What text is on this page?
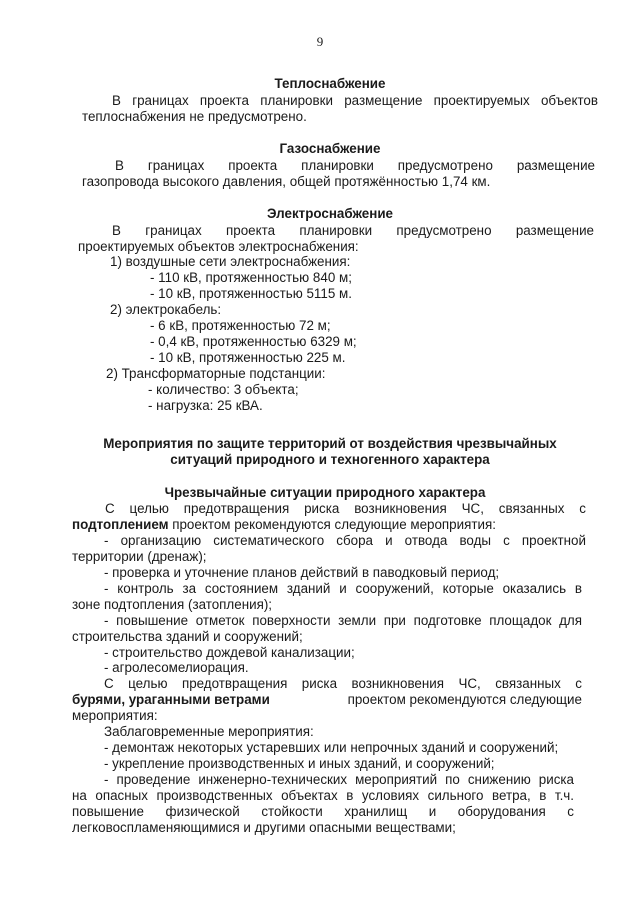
9
Теплоснабжение
В границах проекта планировки размещение проектируемых объектов
теплоснабжения не предусмотрено.
Газоснабжение
В границах проекта планировки предусмотрено размещение
газопровода высокого давления, общей протяжённостью 1,74 км.
Электроснабжение
В границах проекта планировки предусмотрено размещение
проектируемых объектов электроснабжения:
1) воздушные сети электроснабжения:
- 110 кВ, протяженностью 840 м;
- 10 кВ, протяженностью 5115 м.
2) электрокабель:
- 6 кВ, протяженностью 72 м;
- 0,4 кВ, протяженностью 6329 м;
- 10 кВ, протяженностью 225 м.
2) Трансформаторные подстанции:
- количество: 3 объекта;
- нагрузка: 25 кВА.
Мероприятия по защите территорий от воздействия чрезвычайных
ситуаций природного и техногенного характера
Чрезвычайные ситуации природного характера
С целью предотвращения риска возникновения ЧС, связанных с
подтоплением проектом рекомендуются следующие мероприятия:
- организацию систематического сбора и отвода воды с проектной
территории (дренаж);
- проверка и уточнение планов действий в паводковый период;
- контроль за состоянием зданий и сооружений, которые оказались в
зоне подтопления (затопления);
- повышение отметок поверхности земли при подготовке площадок для
строительства зданий и сооружений;
- строительство дождевой канализации;
- агролесомелиорация.
С целью предотвращения риска возникновения ЧС, связанных с
бурями, ураганными ветрами	проектом рекомендуются следующие
мероприятия:
Заблаговременные мероприятия:
- демонтаж некоторых устаревших или непрочных зданий и сооружений;
- укрепление производственных и иных зданий, и сооружений;
- проведение инженерно-технических мероприятий по снижению риска
на опасных производственных объектах в условиях сильного ветра, в т.ч.
повышение физической стойкости хранилищ и оборудования с
легковоспламеняющимися и другими опасными веществами;
